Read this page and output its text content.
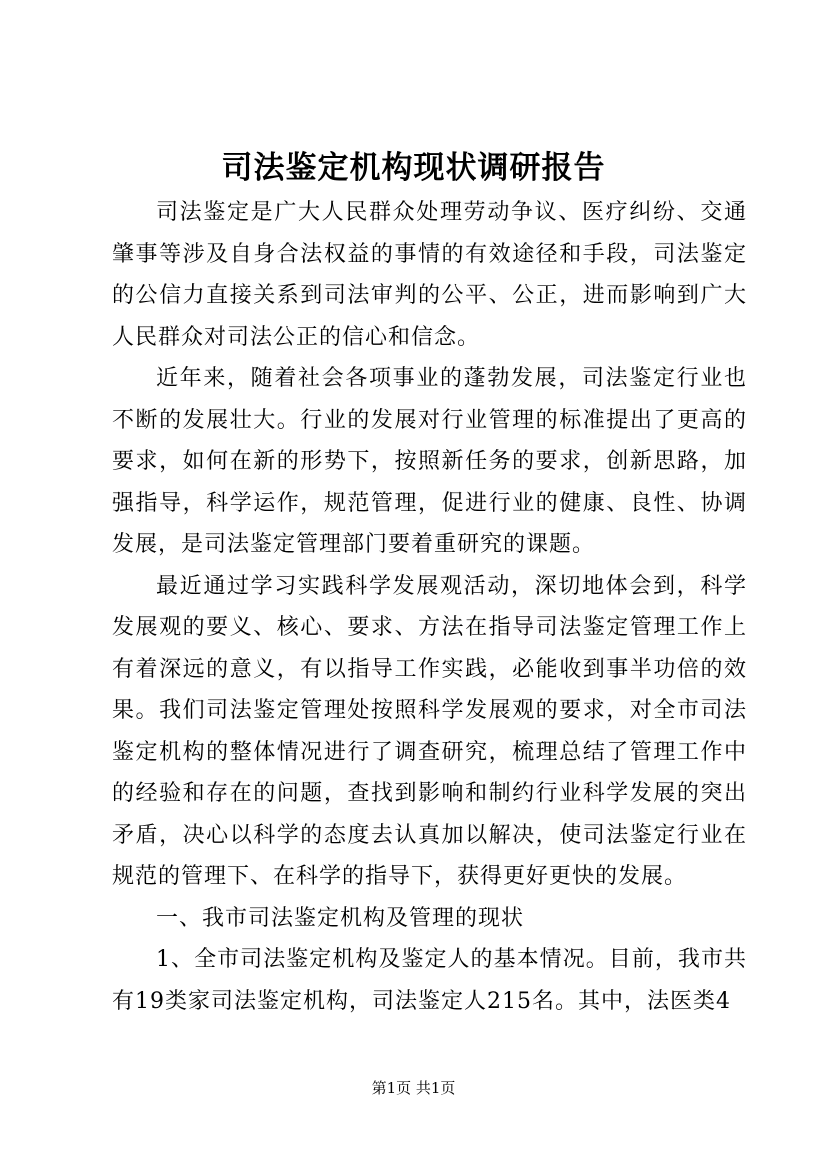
司法鉴定机构现状调研报告

司法鉴定是广大人民群众处理劳动争议、医疗纠纷、交通肇事等涉及自身合法权益的事情的有效途径和手段，司法鉴定的公信力直接关系到司法审判的公平、公正，进而影响到广大人民群众对司法公正的信心和信念。

近年来，随着社会各项事业的蓬勃发展，司法鉴定行业也不断的发展壮大。行业的发展对行业管理的标准提出了更高的要求，如何在新的形势下，按照新任务的要求，创新思路，加强指导，科学运作，规范管理，促进行业的健康、良性、协调发展，是司法鉴定管理部门要着重研究的课题。

最近通过学习实践科学发展观活动，深切地体会到，科学发展观的要义、核心、要求、方法在指导司法鉴定管理工作上有着深远的意义，有以指导工作实践，必能收到事半功倍的效果。我们司法鉴定管理处按照科学发展观的要求，对全市司法鉴定机构的整体情况进行了调查研究，梳理总结了管理工作中的经验和存在的问题，查找到影响和制约行业科学发展的突出矛盾，决心以科学的态度去认真加以解决，使司法鉴定行业在规范的管理下、在科学的指导下，获得更好更快的发展。

一、我市司法鉴定机构及管理的现状

1、全市司法鉴定机构及鉴定人的基本情况。目前，我市共有19类家司法鉴定机构，司法鉴定人215名。其中，法医类4

第1页 共1页
